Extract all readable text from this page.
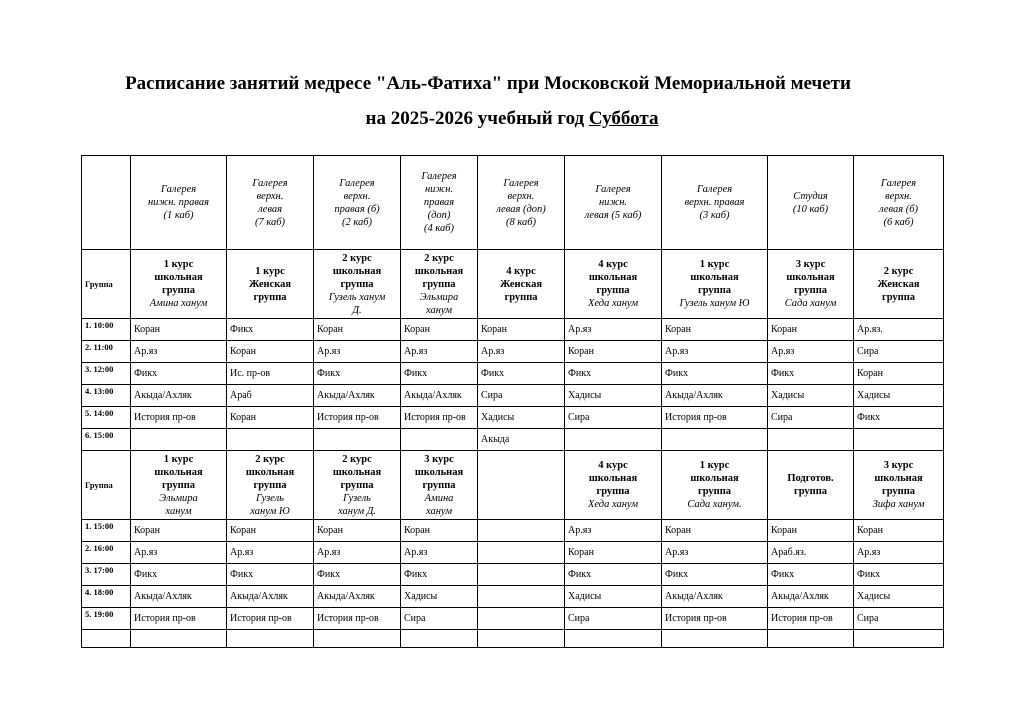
Расписание занятий медресе "Аль-Фатиха" при Московской Мемориальной мечети
на 2025-2026 учебный год Суббота

	Галерея
нижн. правая
(1 каб)	Галерея
верхн.
левая
(7 каб)	Галерея
верхн.
правая (б)
(2 каб)	Галерея
нижн.
правая
(доп)
(4 каб)	Галерея
верхн.
левая (доп)
(8 каб)	Галерея
нижн.
левая (5 каб)	Галерея
верхн. правая
(3 каб)	Студия
(10 каб)	Галерея
верхн.
левая (б)
(6 каб)

Группа	1 курс
школьная
группа
Амина ханум	1 курс
Женская
группа	2 курс
школьная
группа
Гузель ханум
Д.	2 курс
школьная
группа
Эльмира
ханум	4 курс
Женская
группа	4 курс
школьная
группа
Хеда ханум	1 курс
школьная
группа
Гузель ханум Ю	3 курс
школьная
группа
Сада ханум	2 курс
Женская
группа

1. 10:00	Коран	Фикх	Коран	Коран	Коран	Ар.яз	Коран	Коран	Ар.яз.
2. 11:00	Ар.яз	Коран	Ар.яз	Ар.яз	Ар.яз	Коран	Ар.яз	Ар.яз	Сира
3. 12:00	Фикх	Ис. пр-ов	Фикх	Фикх	Фикх	Фикх	Фикх	Фикх	Коран
4. 13:00	Акыда/Ахляк	Араб	Акыда/Ахляк	Акыда/Ахляк	Сира	Хадисы	Акыда/Ахляк	Хадисы	Хадисы
5. 14:00	История пр-ов	Коран	История пр-ов	История пр-ов	Хадисы	Сира	История пр-ов	Сира	Фикх
6. 15:00					Акыда				
Группа	1 курс
школьная
группа
Эльмира
ханум	2 курс
школьная
группа
Гузель
ханум Ю	2 курс
школьная
группа
Гузель
ханум Д.	3 курс
школьная
группа
Амина
ханум		4 курс
школьная
группа
Хеда ханум	1 курс
школьная
группа
Сада ханум.	Подготов.
группа	3 курс
школьная
группа
Зифа ханум

1. 15:00	Коран	Коран	Коран	Коран		Ар.яз	Коран	Коран	Коран
2. 16:00	Ар.яз	Ар.яз	Ар.яз	Ар.яз		Коран	Ар.яз	Араб.яз.	Ар.яз
3. 17:00	Фикх	Фикх	Фикх	Фикх		Фикх	Фикх	Фикх	Фикх
4. 18:00	Акыда/Ахляк	Акыда/Ахляк	Акыда/Ахляк	Хадисы		Хадисы	Акыда/Ахляк	Акыда/Ахляк	Хадисы
5. 19:00	История пр-ов	История пр-ов	История пр-ов	Сира		Сира	История пр-ов	История пр-ов	Сира
